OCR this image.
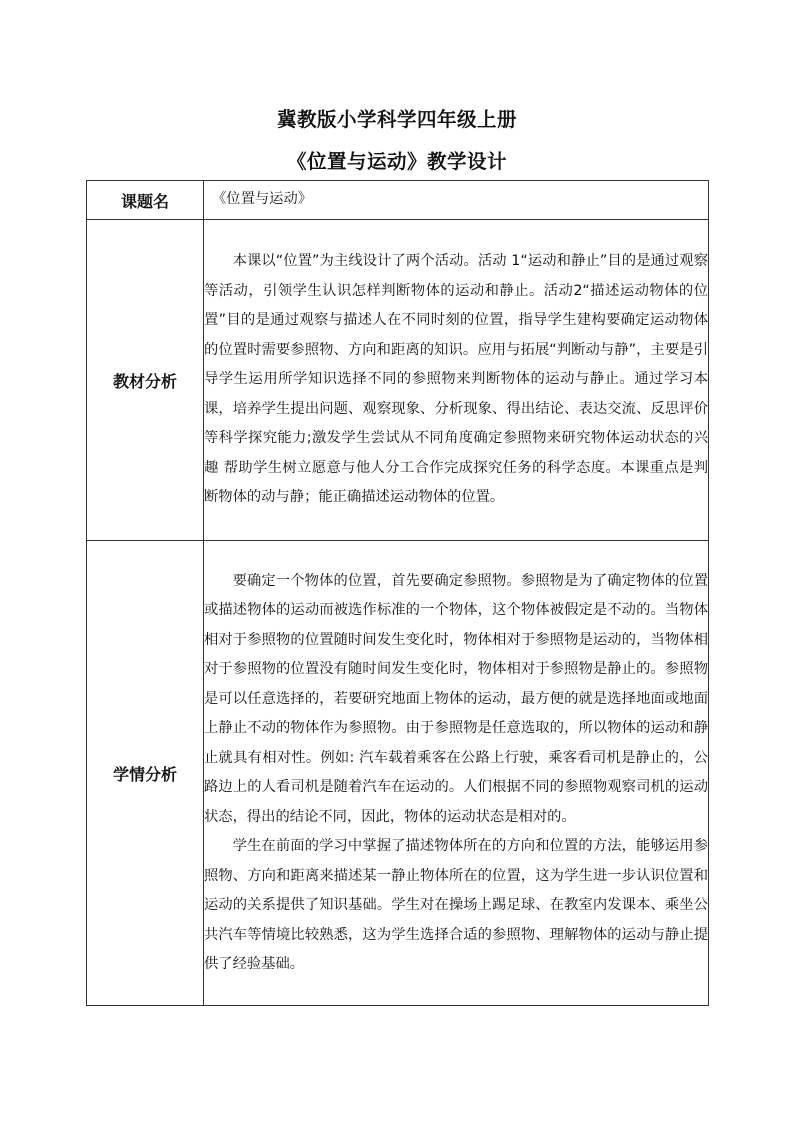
冀教版小学科学四年级上册
《位置与运动》教学设计
课题名	《位置与运动》
教材分析	本课以“位置”为主线设计了两个活动。活动 1“运动和静止”目的是通过观察等活动，引领学生认识怎样判断物体的运动和静止。活动2“描述运动物体的位置”目的是通过观察与描述人在不同时刻的位置，指导学生建构要确定运动物体的位置时需要参照物、方向和距离的知识。应用与拓展“判断动与静”，主要是引导学生运用所学知识选择不同的参照物来判断物体的运动与静止。通过学习本课，培养学生提出问题、观察现象、分析现象、得出结论、表达交流、反思评价等科学探究能力;激发学生尝试从不同角度确定参照物来研究物体运动状态的兴趣 帮助学生树立愿意与他人分工合作完成探究任务的科学态度。本课重点是判断物体的动与静；能正确描述运动物体的位置。

学情分析	要确定一个物体的位置，首先要确定参照物。参照物是为了确定物体的位置或描述物体的运动而被选作标准的一个物体，这个物体被假定是不动的。当物体相对于参照物的位置随时间发生变化时，物体相对于参照物是运动的，当物体相对于参照物的位置没有随时间发生变化时，物体相对于参照物是静止的。参照物是可以任意选择的，若要研究地面上物体的运动，最方便的就是选择地面或地面上静止不动的物体作为参照物。由于参照物是任意选取的，所以物体的运动和静止就具有相对性。例如: 汽车载着乘客在公路上行驶，乘客看司机是静止的，公路边上的人看司机是随着汽车在运动的。人们根据不同的参照物观察司机的运动状态，得出的结论不同，因此，物体的运动状态是相对的。

学生在前面的学习中掌握了描述物体所在的方向和位置的方法，能够运用参照物、方向和距离来描述某一静止物体所在的位置，这为学生进一步认识位置和运动的关系提供了知识基础。学生对在操场上踢足球、在教室内发课本、乘坐公共汽车等情境比较熟悉，这为学生选择合适的参照物、理解物体的运动与静止提供了经验基础。
